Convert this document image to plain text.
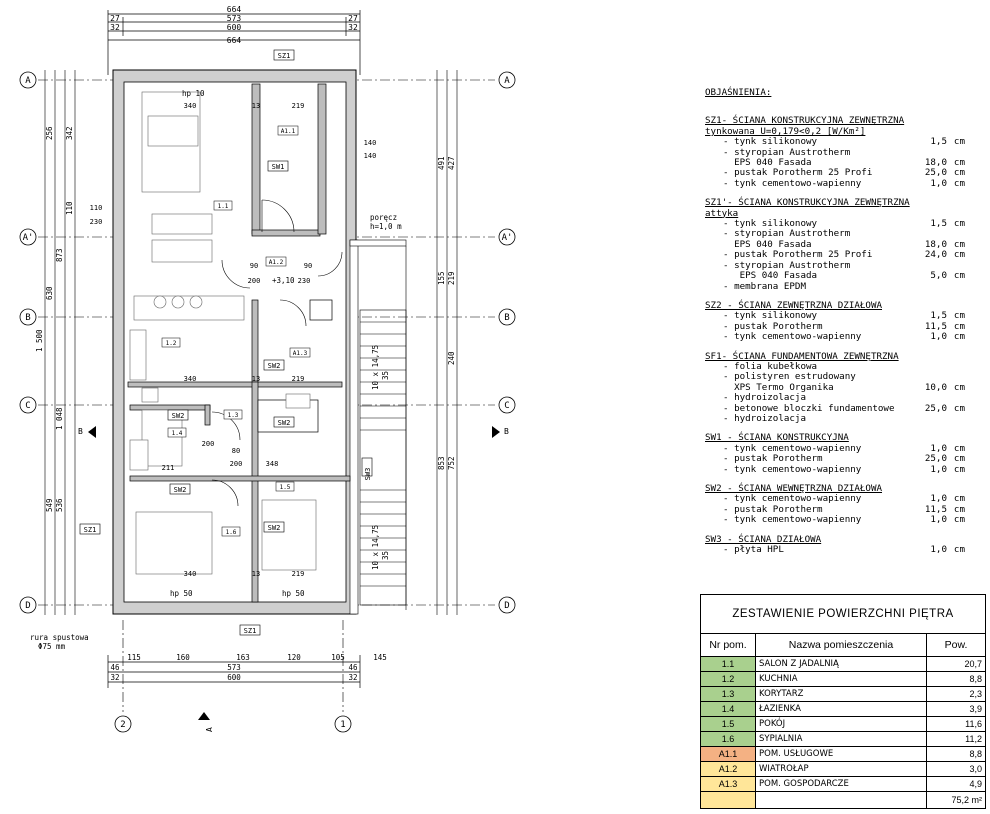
664
27	573	27
32	600	32
664
A	A
A'	A'
B	B
C	C
D	D
2	1
256 342
110
873
630
1 500
1 048
549 536
491 427
155 219
240
853 752
10 x 14,75 35
10 x 14,75 35
115	160	163	120	105	145
46	573	46
32	600	32
1.1
1.2
1.3
1.4
1.5
1.6
A1.1
A1.2
A1.3
SZ1
SW1
SW2
SW2
SW2
SW2
SW2
SZ1
SZ1
SW3
340	13	219
140
140
110
230
90
200
90
230
340	13	219
80
200
200	348
211
340	13	219
poręcz
h=1,0 m
rura spustowa
Φ75 mm
+3,10
hp 10
hp 50	hp 50
B	B
A
OBJAŚNIENIA:
SZ1- ŚCIANA KONSTRUKCYJNA ZEWNĘTRZNA
tynkowana U=0,179<0,2 [W/Km²]
- tynk silikonowy	1,5 cm
- styropian Austrotherm
EPS 040 Fasada	18,0 cm
- pustak Porotherm 25 Profi	25,0 cm
- tynk cementowo-wapienny	1,0 cm
SZ1'- ŚCIANA KONSTRUKCYJNA ZEWNĘTRZNA
attyka
- tynk silikonowy	1,5 cm
- styropian Austrotherm
EPS 040 Fasada	18,0 cm
- pustak Porotherm 25 Profi	24,0 cm
- styropian Austrotherm
EPS 040 Fasada	5,0 cm
- membrana EPDM
SZ2 - ŚCIANA ZEWNĘTRZNA DZIAŁOWA
- tynk silikonowy	1,5 cm
- pustak Porotherm	11,5 cm
- tynk cementowo-wapienny	1,0 cm
SF1- ŚCIANA FUNDAMENTOWA ZEWNĘTRZNA
- folia kubełkowa
- polistyren estrudowany
XPS Termo Organika	10,0 cm
- hydroizolacja
- betonowe bloczki fundamentowe	25,0 cm
- hydroizolacja
SW1 - ŚCIANA KONSTRUKCYJNA
- tynk cementowo-wapienny	1,0 cm
- pustak Porotherm	25,0 cm
- tynk cementowo-wapienny	1,0 cm
SW2 - ŚCIANA WEWNĘTRZNA DZIAŁOWA
- tynk cementowo-wapienny	1,0 cm
- pustak Porotherm	11,5 cm
- tynk cementowo-wapienny	1,0 cm
SW3 - ŚCIANA DZIAŁOWA
- płyta HPL	1,0 cm
ZESTAWIENIE POWIERZCHNI PIĘTRA		
Nr pom.	Nazwa pomieszczenia	Pow.
1.1	SALON Z JADALNIĄ	20,7
1.2	KUCHNIA	8,8
1.3	KORYTARZ	2,3
1.4	ŁAZIENKA	3,9
1.5	POKÓJ	11,6
1.6	SYPIALNIA	11,2
A1.1	POM. USŁUGOWE	8,8
A1.2	WIATROŁAP	3,0
A1.3	POM. GOSPODARCZE	4,9
		75,2 m²
